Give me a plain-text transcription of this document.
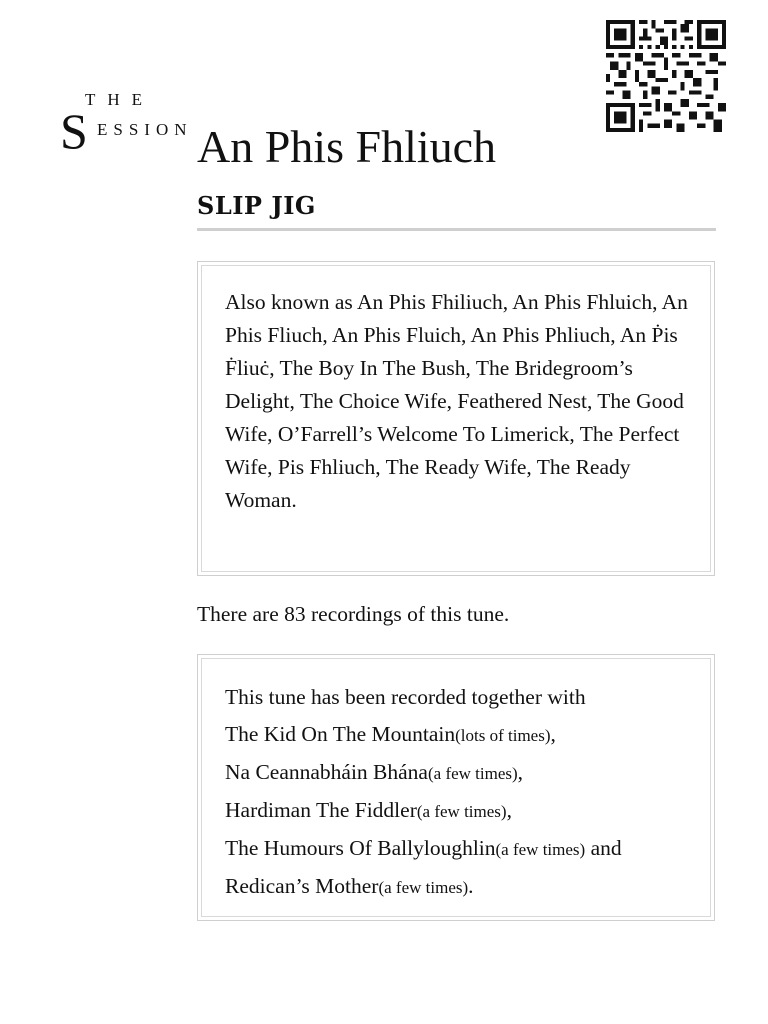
THE
S ESSION An Phis Fhliuch
SLIP JIG

Also known as An Phis Fhiliuch, An Phis Fhluich, An Phis Fliuch, An Phis Fluich, An Phis Phliuch, An Ṗis Ḟliuċ, The Boy In The Bush, The Bridegroom’s Delight, The Choice Wife, Feathered Nest, The Good Wife, O’Farrell’s Welcome To Limerick, The Perfect Wife, Pis Fhliuch, The Ready Wife, The Ready Woman.

There are 83 recordings of this tune.

This tune has been recorded together with
The Kid On The Mountain(lots of times),
Na Ceannabháin Bhána(a few times),
Hardiman The Fiddler(a few times),
The Humours Of Ballyloughlin(a few times) and
Redican’s Mother(a few times).
